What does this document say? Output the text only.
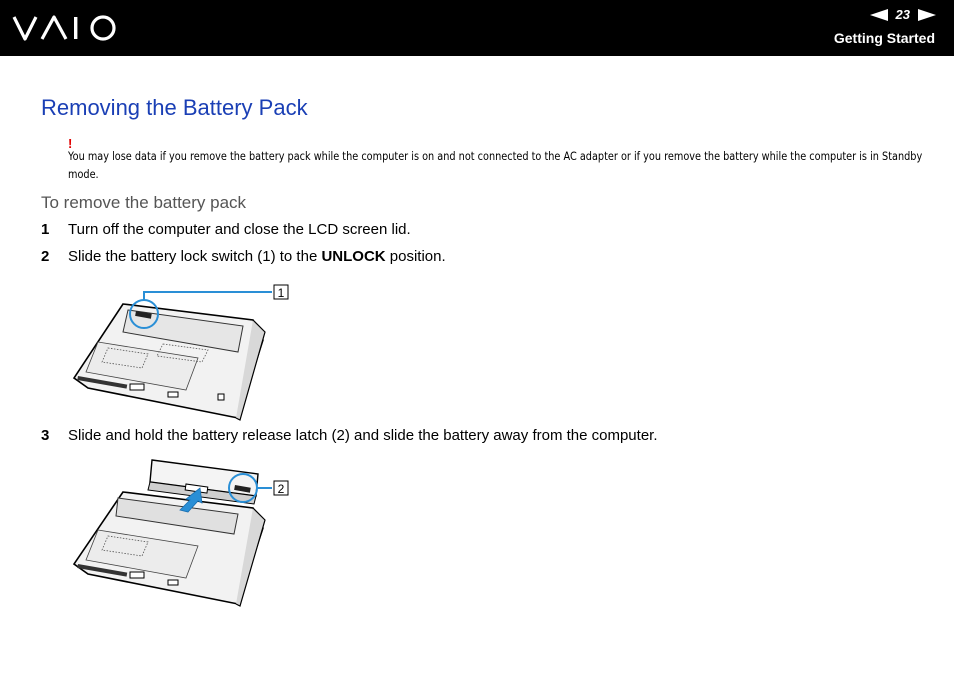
23
Getting Started
Removing the Battery Pack
!
You may lose data if you remove the battery pack while the computer is on and not connected to the AC adapter or if you remove the battery while the computer is in Standby mode.
To remove the battery pack
1 Turn off the computer and close the LCD screen lid.
2 Slide the battery lock switch (1) to the UNLOCK position.
3 Slide and hold the battery release latch (2) and slide the battery away from the computer.
1
2
